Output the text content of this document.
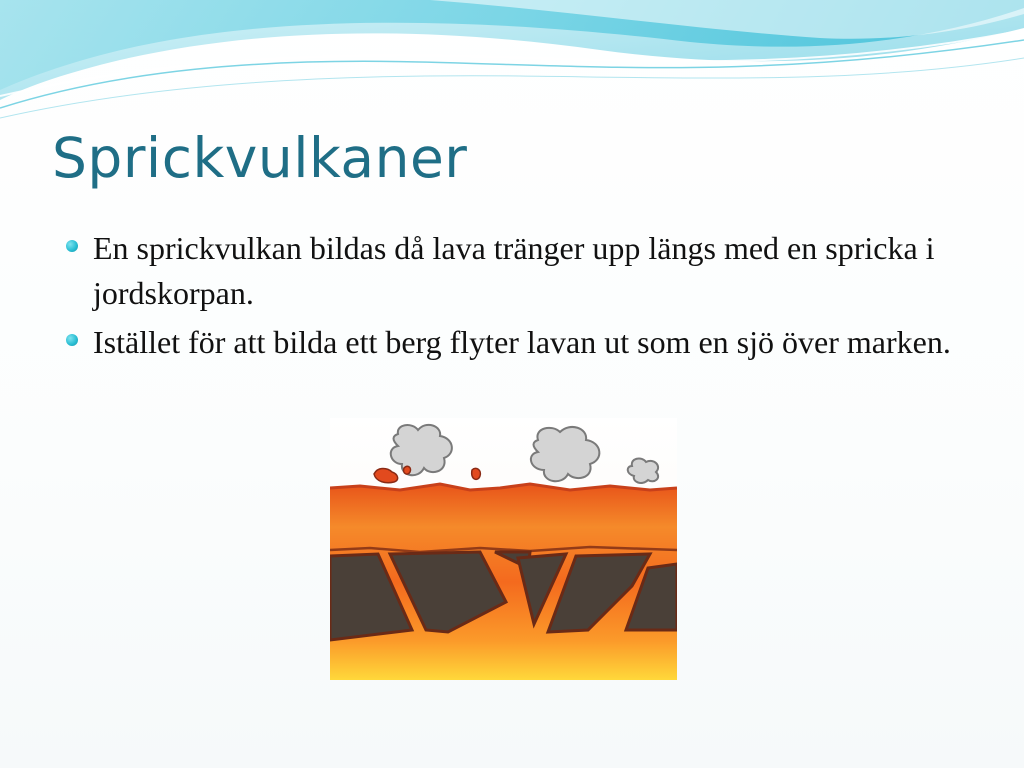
Sprickvulkaner
En sprickvulkan bildas då lava tränger upp längs med en spricka i jordskorpan.
Istället för att bilda ett berg flyter lavan ut som en sjö över marken.
